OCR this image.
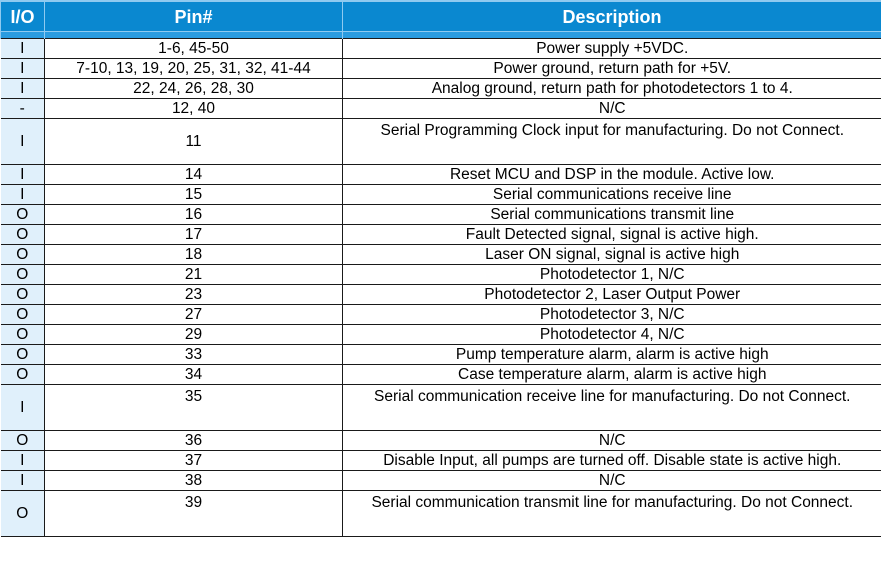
I/O	Pin#	Description
I	1-6, 45-50	Power supply +5VDC.
I	7-10, 13, 19, 20, 25, 31, 32, 41-44	Power ground, return path for +5V.
I	22, 24, 26, 28, 30	Analog ground, return path for photodetectors 1 to 4.
-	12, 40	N/C
I	11	Serial Programming Clock input for manufacturing. Do not Connect.
I	14	Reset MCU and DSP in the module. Active low.
I	15	Serial communications receive line
O	16	Serial communications transmit line
O	17	Fault Detected signal, signal is active high.
O	18	Laser ON signal, signal is active high
O	21	Photodetector 1, N/C
O	23	Photodetector 2, Laser Output Power
O	27	Photodetector 3, N/C
O	29	Photodetector 4, N/C
O	33	Pump temperature alarm, alarm is active high
O	34	Case temperature alarm, alarm is active high
I	35	Serial communication receive line for manufacturing. Do not Connect.
O	36	N/C
I	37	Disable Input, all pumps are turned off. Disable state is active high.
I	38	N/C
O	39	Serial communication transmit line for manufacturing. Do not Connect.
